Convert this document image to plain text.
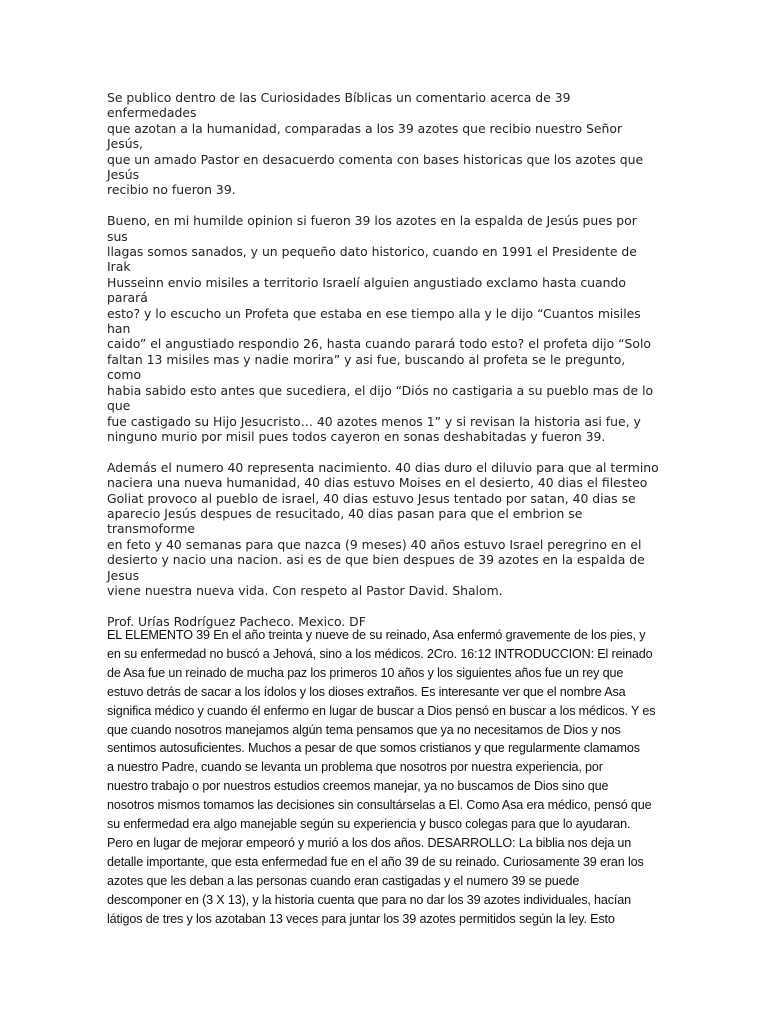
Se publico dentro de las Curiosidades Bíblicas un comentario acerca de 39 enfermedades
que azotan a la humanidad, comparadas a los 39 azotes que recibio nuestro Señor Jesús,
que un amado Pastor en desacuerdo comenta con bases historicas que los azotes que Jesús
recibio no fueron 39.

Bueno, en mi humilde opinion si fueron 39 los azotes en la espalda de Jesús pues por sus
llagas somos sanados, y un pequeño dato historico, cuando en 1991 el Presidente de Irak
Husseinn envio misiles a territorio Israelí alguien angustiado exclamo hasta cuando parará
esto? y lo escucho un Profeta que estaba en ese tiempo alla y le dijo “Cuantos misiles han
caido” el angustiado respondio 26, hasta cuando parará todo esto? el profeta dijo “Solo
faltan 13 misiles mas y nadie morira” y asi fue, buscando al profeta se le pregunto, como
habia sabido esto antes que sucediera, el dijo “Diós no castigaria a su pueblo mas de lo que
fue castigado su Hijo Jesucristo… 40 azotes menos 1” y si revisan la historia asi fue, y
ninguno murio por misil pues todos cayeron en sonas deshabitadas y fueron 39.

Además el numero 40 representa nacimiento. 40 dias duro el diluvio para que al termino
naciera una nueva humanidad, 40 dias estuvo Moises en el desierto, 40 dias el filesteo
Goliat provoco al pueblo de israel, 40 dias estuvo Jesus tentado por satan, 40 dias se
aparecio Jesús despues de resucitado, 40 dias pasan para que el embrion se transmoforme
en feto y 40 semanas para que nazca (9 meses) 40 años estuvo Israel peregrino en el
desierto y nacio una nacion. asi es de que bien despues de 39 azotes en la espalda de Jesus
viene nuestra nueva vida. Con respeto al Pastor David. Shalom.

Prof. Urías Rodríguez Pacheco. Mexico. DF

EL ELEMENTO 39 En el año treinta y nueve de su reinado, Asa enfermó gravemente de los pies, y
en su enfermedad no buscó a Jehová, sino a los médicos. 2Cro. 16:12 INTRODUCCION: El reinado
de Asa fue un reinado de mucha paz los primeros 10 años y los siguientes años fue un rey que
estuvo detrás de sacar a los ídolos y los dioses extraños. Es interesante ver que el nombre Asa
significa médico y cuando él enfermo en lugar de buscar a Dios pensó en buscar a los médicos. Y es
que cuando nosotros manejamos algún tema pensamos que ya no necesitamos de Dios y nos
sentimos autosuficientes. Muchos a pesar de que somos cristianos y que regularmente clamamos
a nuestro Padre, cuando se levanta un problema que nosotros por nuestra experiencia, por
nuestro trabajo o por nuestros estudios creemos manejar, ya no buscamos de Dios sino que
nosotros mismos tomamos las decisiones sin consultárselas a El. Como Asa era médico, pensó que
su enfermedad era algo manejable según su experiencia y busco colegas para que lo ayudaran.
Pero en lugar de mejorar empeoró y murió a los dos años. DESARROLLO: La biblia nos deja un
detalle importante, que esta enfermedad fue en el año 39 de su reinado. Curiosamente 39 eran los
azotes que les deban a las personas cuando eran castigadas y el numero 39 se puede
descomponer en (3 X 13), y la historia cuenta que para no dar los 39 azotes individuales, hacían
látigos de tres y los azotaban 13 veces para juntar los 39 azotes permitidos según la ley. Esto
